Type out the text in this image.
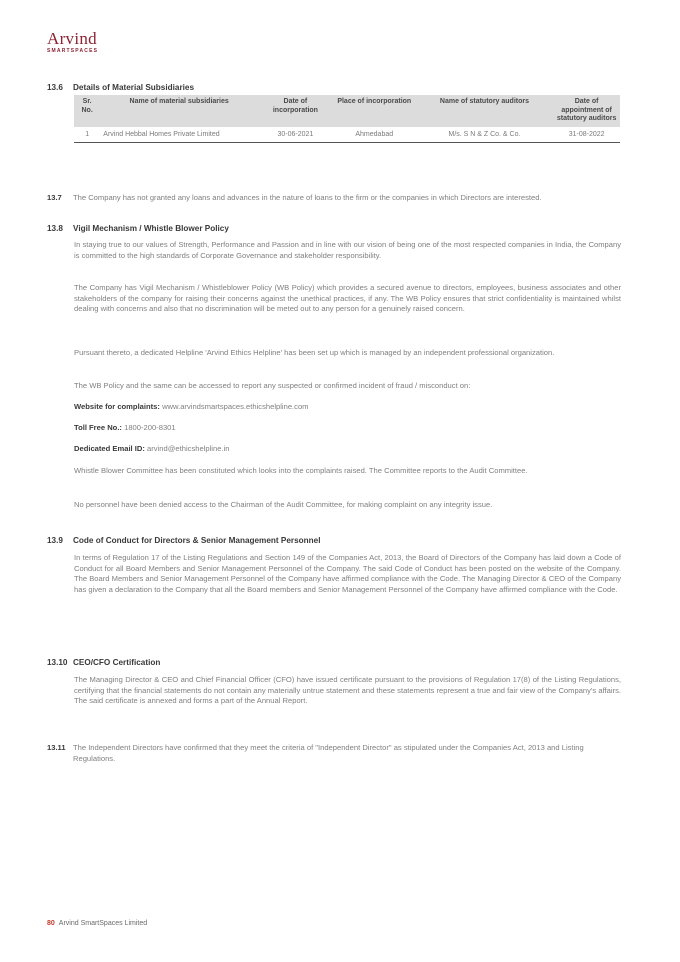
Arvind
SMARTSPACES
13.6 Details of Material Subsidiaries
Sr. No.	Name of material subsidiaries	Date of incorporation	Place of incorporation	Name of statutory auditors	Date of appointment of statutory auditors
1	Arvind Hebbal Homes Private Limited	30-06-2021	Ahmedabad	M/s. S N & Z Co. & Co.	31-08-2022
13.7 The Company has not granted any loans and advances in the nature of loans to the firm or the companies in which Directors are interested.
13.8 Vigil Mechanism / Whistle Blower Policy
In staying true to our values of Strength, Performance and Passion and in line with our vision of being one of the most respected companies in India, the Company is committed to the high standards of Corporate Governance and stakeholder responsibility.
The Company has Vigil Mechanism / Whistleblower Policy (WB Policy) which provides a secured avenue to directors, employees, business associates and other stakeholders of the company for raising their concerns against the unethical practices, if any. The WB Policy ensures that strict confidentiality is maintained whilst dealing with concerns and also that no discrimination will be meted out to any person for a genuinely raised concern.
Pursuant thereto, a dedicated Helpline 'Arvind Ethics Helpline' has been set up which is managed by an independent professional organization.
The WB Policy and the same can be accessed to report any suspected or confirmed incident of fraud / misconduct on:
Website for complaints: www.arvindsmartspaces.ethicshelpline.com
Toll Free No.: 1800-200-8301
Dedicated Email ID: arvind@ethicshelpline.in
Whistle Blower Committee has been constituted which looks into the complaints raised. The Committee reports to the Audit Committee.
No personnel have been denied access to the Chairman of the Audit Committee, for making complaint on any integrity issue.
13.9 Code of Conduct for Directors & Senior Management Personnel
In terms of Regulation 17 of the Listing Regulations and Section 149 of the Companies Act, 2013, the Board of Directors of the Company has laid down a Code of Conduct for all Board Members and Senior Management Personnel of the Company. The said Code of Conduct has been posted on the website of the Company. The Board Members and Senior Management Personnel of the Company have affirmed compliance with the Code. The Managing Director & CEO of the Company has given a declaration to the Company that all the Board members and Senior Management Personnel of the Company have affirmed compliance with the Code.
13.10 CEO/CFO Certification
The Managing Director & CEO and Chief Financial Officer (CFO) have issued certificate pursuant to the provisions of Regulation 17(8) of the Listing Regulations, certifying that the financial statements do not contain any materially untrue statement and these statements represent a true and fair view of the Company's affairs. The said certificate is annexed and forms a part of the Annual Report.
13.11 The Independent Directors have confirmed that they meet the criteria of "Independent Director" as stipulated under the Companies Act, 2013 and Listing Regulations.
80 Arvind SmartSpaces Limited
